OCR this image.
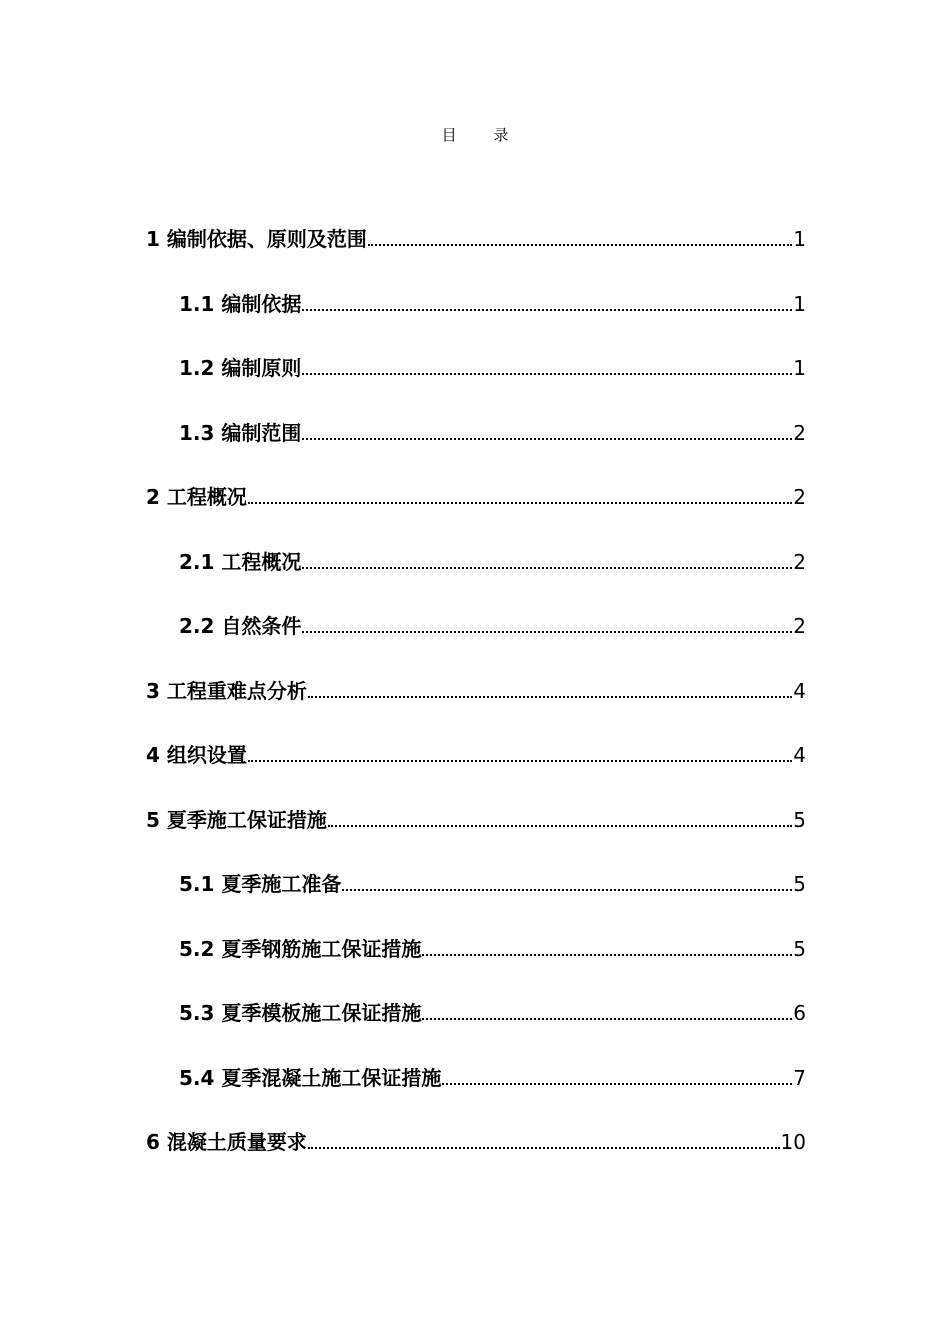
目 录
1 编制依据、原则及范围	1
1.1 编制依据	1
1.2 编制原则	1
1.3 编制范围	2
2 工程概况	2
2.1 工程概况	2
2.2 自然条件	2
3 工程重难点分析	4
4 组织设置	4
5 夏季施工保证措施	5
5.1 夏季施工准备	5
5.2 夏季钢筋施工保证措施	5
5.3 夏季模板施工保证措施	6
5.4 夏季混凝土施工保证措施	7
6 混凝土质量要求	10
